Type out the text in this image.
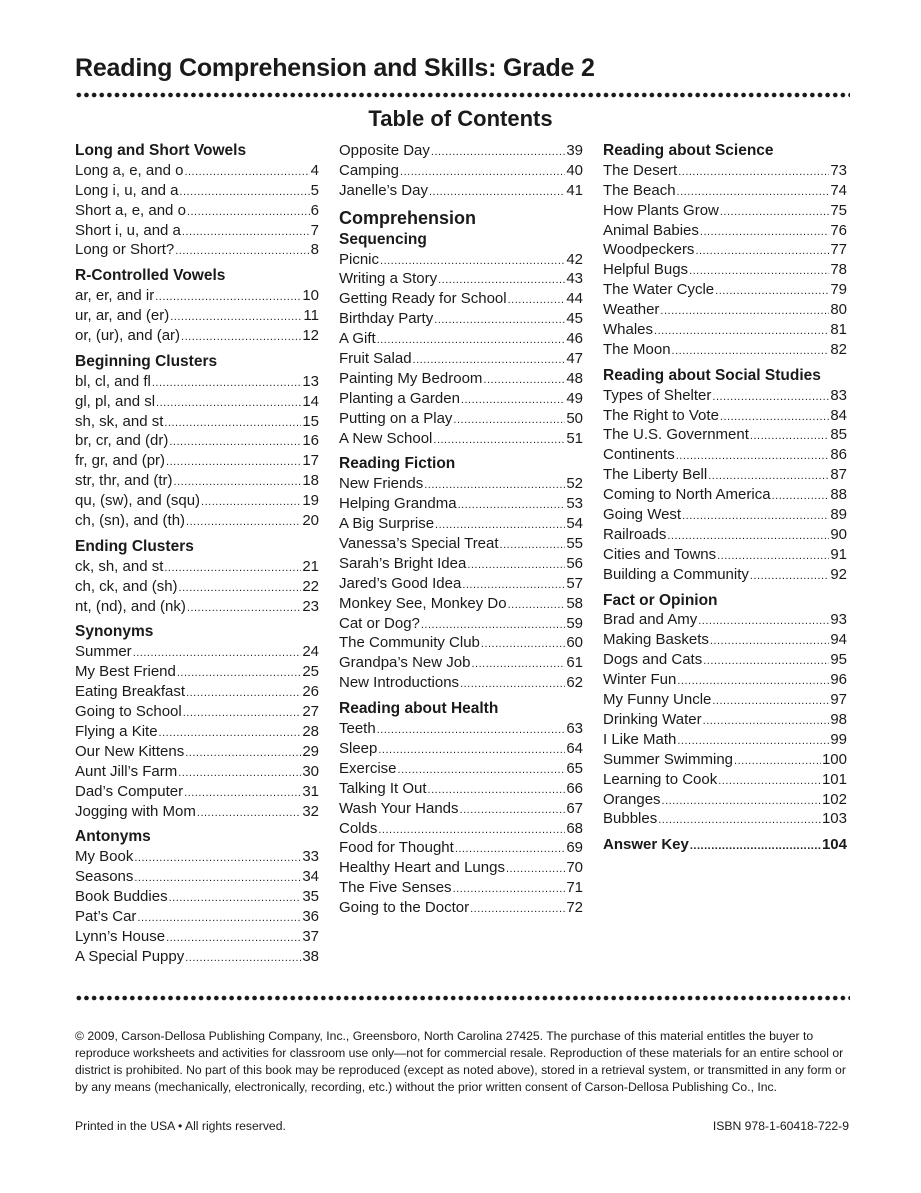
Reading Comprehension and Skills: Grade 2
Table of Contents
Long and Short Vowels
Long a, e, and o .....	4
Long i, u, and a .....	5
Short a, e, and o .....	6
Short i, u, and a .....	7
Long or Short? .....	8
R-Controlled Vowels
ar, er, and ir .....	10
ur, ar, and (er) .....	11
or, (ur), and (ar) .....	12
Beginning Clusters
bl, cl, and fl .....	13
gl, pl, and sl .....	14
sh, sk, and st .....	15
br, cr, and (dr) .....	16
fr, gr, and (pr) .....	17
str, thr, and (tr) .....	18
qu, (sw), and (squ) .....	19
ch, (sn), and (th) .....	20
Ending Clusters
ck, sh, and st .....	21
ch, ck, and (sh) .....	22
nt, (nd), and (nk) .....	23
Synonyms
Summer .....	24
My Best Friend .....	25
Eating Breakfast .....	26
Going to School .....	27
Flying a Kite .....	28
Our New Kittens .....	29
Aunt Jill’s Farm .....	30
Dad’s Computer .....	31
Jogging with Mom .....	32
Antonyms
My Book .....	33
Seasons .....	34
Book Buddies .....	35
Pat’s Car .....	36
Lynn’s House .....	37
A Special Puppy .....	38
Opposite Day .....	39
Camping .....	40
Janelle’s Day .....	41
Comprehension
Sequencing
Picnic .....	42
Writing a Story .....	43
Getting Ready for School .....	44
Birthday Party .....	45
A Gift .....	46
Fruit Salad .....	47
Painting My Bedroom .....	48
Planting a Garden .....	49
Putting on a Play .....	50
A New School .....	51
Reading Fiction
New Friends .....	52
Helping Grandma .....	53
A Big Surprise .....	54
Vanessa’s Special Treat .....	55
Sarah’s Bright Idea .....	56
Jared’s Good Idea .....	57
Monkey See, Monkey Do .....	58
Cat or Dog? .....	59
The Community Club .....	60
Grandpa’s New Job .....	61
New Introductions .....	62
Reading about Health
Teeth .....	63
Sleep .....	64
Exercise .....	65
Talking It Out .....	66
Wash Your Hands .....	67
Colds .....	68
Food for Thought .....	69
Healthy Heart and Lungs .....	70
The Five Senses .....	71
Going to the Doctor .....	72
Reading about Science
The Desert .....	73
The Beach .....	74
How Plants Grow .....	75
Animal Babies .....	76
Woodpeckers .....	77
Helpful Bugs .....	78
The Water Cycle .....	79
Weather .....	80
Whales .....	81
The Moon .....	82
Reading about Social Studies
Types of Shelter .....	83
The Right to Vote .....	84
The U.S. Government .....	85
Continents .....	86
The Liberty Bell .....	87
Coming to North America .....	88
Going West .....	89
Railroads .....	90
Cities and Towns .....	91
Building a Community .....	92
Fact or Opinion
Brad and Amy .....	93
Making Baskets .....	94
Dogs and Cats .....	95
Winter Fun .....	96
My Funny Uncle .....	97
Drinking Water .....	98
I Like Math .....	99
Summer Swimming .....	100
Learning to Cook .....	101
Oranges .....	102
Bubbles .....	103
Answer Key .....	104

© 2009, Carson-Dellosa Publishing Company, Inc., Greensboro, North Carolina 27425. The purchase of this material entitles the buyer to reproduce worksheets and activities for classroom use only—not for commercial resale. Reproduction of these materials for an entire school or district is prohibited. No part of this book may be reproduced (except as noted above), stored in a retrieval system, or transmitted in any form or by any means (mechanically, electronically, recording, etc.) without the prior written consent of Carson-Dellosa Publishing Co., Inc.

Printed in the USA • All rights reserved.	ISBN 978-1-60418-722-9
